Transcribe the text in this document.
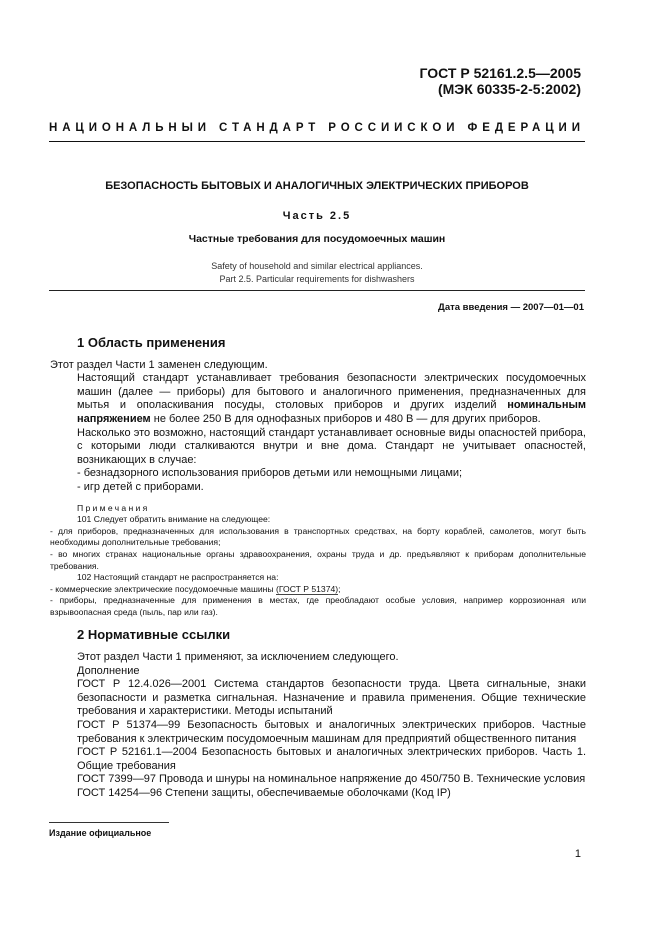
ГОСТ Р 52161.2.5—2005
(МЭК 60335-2-5:2002)
НАЦИОНАЛЬНЫЙ СТАНДАРТ РОССИЙСКОЙ ФЕДЕРАЦИИ
БЕЗОПАСНОСТЬ БЫТОВЫХ И АНАЛОГИЧНЫХ ЭЛЕКТРИЧЕСКИХ ПРИБОРОВ
Часть 2.5
Частные требования для посудомоечных машин
Safety of household and similar electrical appliances.
Part 2.5. Particular requirements for dishwashers
Дата введения — 2007—01—01
1 Область применения

Этот раздел Части 1 заменен следующим.

Настоящий стандарт устанавливает требования безопасности электрических посудомоечных машин (далее — приборы) для бытового и аналогичного применения, предназначенных для мытья и ополаскивания посуды, столовых приборов и других изделий номинальным напряжением не более 250 В для однофазных приборов и 480 В — для других приборов.

Насколько это возможно, настоящий стандарт устанавливает основные виды опасностей прибора, с которыми люди сталкиваются внутри и вне дома. Стандарт не учитывает опасностей, возникающих в случае:

- безнадзорного использования приборов детьми или немощными лицами;

- игр детей с приборами.

Примечания

101 Следует обратить внимание на следующее:

- для приборов, предназначенных для использования в транспортных средствах, на борту кораблей, самолетов, могут быть необходимы дополнительные требования;

- во многих странах национальные органы здравоохранения, охраны труда и др. предъявляют к приборам дополнительные требования.

102 Настоящий стандарт не распространяется на:

- коммерческие электрические посудомоечные машины (ГОСТ Р 51374);

- приборы, предназначенные для применения в местах, где преобладают особые условия, например коррозионная или взрывоопасная среда (пыль, пар или газ).

2 Нормативные ссылки

Этот раздел Части 1 применяют, за исключением следующего.

Дополнение

ГОСТ Р 12.4.026—2001 Система стандартов безопасности труда. Цвета сигнальные, знаки безопасности и разметка сигнальная. Назначение и правила применения. Общие технические требования и характеристики. Методы испытаний

ГОСТ Р 51374—99 Безопасность бытовых и аналогичных электрических приборов. Частные требования к электрическим посудомоечным машинам для предприятий общественного питания

ГОСТ Р 52161.1—2004 Безопасность бытовых и аналогичных электрических приборов. Часть 1. Общие требования

ГОСТ 7399—97 Провода и шнуры на номинальное напряжение до 450/750 В. Технические условия

ГОСТ 14254—96 Степени защиты, обеспечиваемые оболочками (Код IP)

Издание официальное
1
